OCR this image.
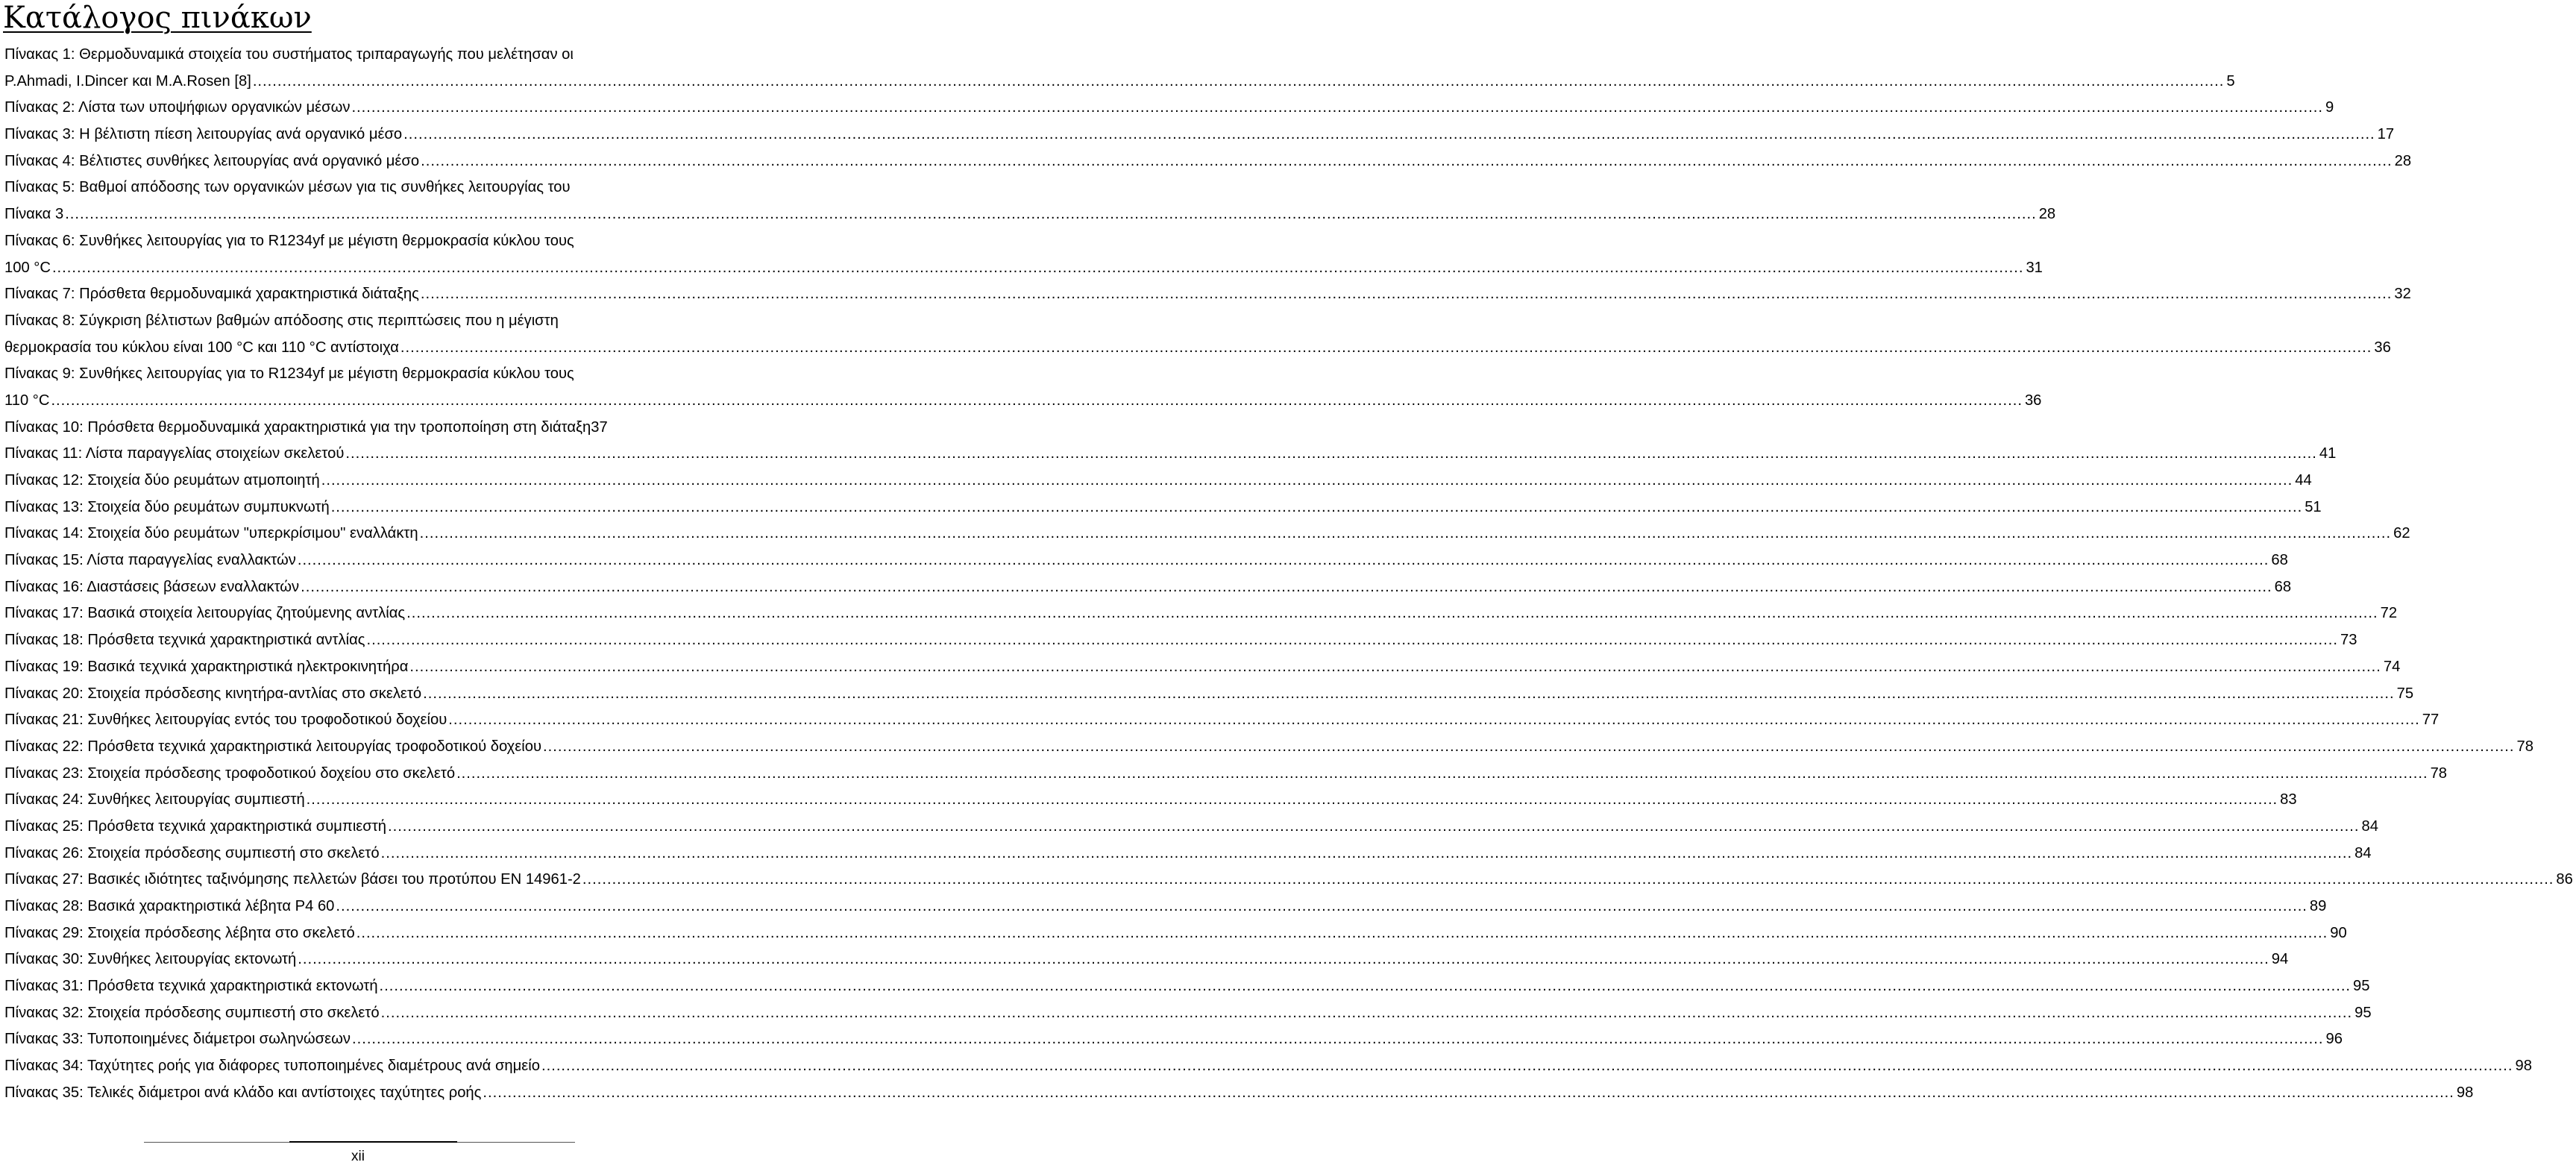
Κατάλογος πινάκων
Πίνακας 1: Θερμοδυναμικά στοιχεία του συστήματος τριπαραγωγής που μελέτησαν οι
P.Ahmadi, I.Dincer και M.A.Rosen [8] ................................................................................................................................................................................................................................................................................................................................................................................................................ 5
Πίνακας 2: Λίστα των υποψήφιων οργανικών μέσων ................................................................................................................................................................................................................................................................................................................................................................................................................ 9
Πίνακας 3: Η βέλτιστη πίεση λειτουργίας ανά οργανικό μέσο ................................................................................................................................................................................................................................................................................................................................................................................................................ 17
Πίνακας 4: Βέλτιστες συνθήκες λειτουργίας ανά οργανικό μέσο ................................................................................................................................................................................................................................................................................................................................................................................................................ 28
Πίνακας 5: Βαθμοί απόδοσης των οργανικών μέσων για τις συνθήκες λειτουργίας του
Πίνακα 3 ................................................................................................................................................................................................................................................................................................................................................................................................................ 28
Πίνακας 6: Συνθήκες λειτουργίας για το R1234yf με μέγιστη θερμοκρασία κύκλου τους
100 °C ................................................................................................................................................................................................................................................................................................................................................................................................................ 31
Πίνακας 7: Πρόσθετα θερμοδυναμικά χαρακτηριστικά διάταξης ................................................................................................................................................................................................................................................................................................................................................................................................................ 32
Πίνακας 8: Σύγκριση βέλτιστων βαθμών απόδοσης στις περιπτώσεις που η μέγιστη
θερμοκρασία του κύκλου είναι 100 °C και 110 °C αντίστοιχα ................................................................................................................................................................................................................................................................................................................................................................................................................ 36
Πίνακας 9: Συνθήκες λειτουργίας για το R1234yf με μέγιστη θερμοκρασία κύκλου τους
110 °C ................................................................................................................................................................................................................................................................................................................................................................................................................ 36
Πίνακας 10: Πρόσθετα θερμοδυναμικά χαρακτηριστικά για την τροποποίηση στη διάταξη 37
Πίνακας 11: Λίστα παραγγελίας στοιχείων σκελετού ................................................................................................................................................................................................................................................................................................................................................................................................................ 41
Πίνακας 12: Στοιχεία δύο ρευμάτων ατμοποιητή ................................................................................................................................................................................................................................................................................................................................................................................................................ 44
Πίνακας 13: Στοιχεία δύο ρευμάτων συμπυκνωτή ................................................................................................................................................................................................................................................................................................................................................................................................................ 51
Πίνακας 14: Στοιχεία δύο ρευμάτων "υπερκρίσιμου" εναλλάκτη ................................................................................................................................................................................................................................................................................................................................................................................................................ 62
Πίνακας 15: Λίστα παραγγελίας εναλλακτών ................................................................................................................................................................................................................................................................................................................................................................................................................ 68
Πίνακας 16: Διαστάσεις βάσεων εναλλακτών ................................................................................................................................................................................................................................................................................................................................................................................................................ 68
Πίνακας 17: Βασικά στοιχεία λειτουργίας ζητούμενης αντλίας ................................................................................................................................................................................................................................................................................................................................................................................................................ 72
Πίνακας 18: Πρόσθετα τεχνικά χαρακτηριστικά αντλίας ................................................................................................................................................................................................................................................................................................................................................................................................................ 73
Πίνακας 19: Βασικά τεχνικά χαρακτηριστικά ηλεκτροκινητήρα ................................................................................................................................................................................................................................................................................................................................................................................................................ 74
Πίνακας 20: Στοιχεία πρόσδεσης κινητήρα-αντλίας στο σκελετό ................................................................................................................................................................................................................................................................................................................................................................................................................ 75
Πίνακας 21: Συνθήκες λειτουργίας εντός του τροφοδοτικού δοχείου ................................................................................................................................................................................................................................................................................................................................................................................................................ 77
Πίνακας 22: Πρόσθετα τεχνικά χαρακτηριστικά λειτουργίας τροφοδοτικού δοχείου ................................................................................................................................................................................................................................................................................................................................................................................................................ 78
Πίνακας 23: Στοιχεία πρόσδεσης τροφοδοτικού δοχείου στο σκελετό ................................................................................................................................................................................................................................................................................................................................................................................................................ 78
Πίνακας 24: Συνθήκες λειτουργίας συμπιεστή ................................................................................................................................................................................................................................................................................................................................................................................................................ 83
Πίνακας 25: Πρόσθετα τεχνικά χαρακτηριστικά συμπιεστή ................................................................................................................................................................................................................................................................................................................................................................................................................ 84
Πίνακας 26: Στοιχεία πρόσδεσης συμπιεστή στο σκελετό ................................................................................................................................................................................................................................................................................................................................................................................................................ 84
Πίνακας 27: Βασικές ιδιότητες ταξινόμησης πελλετών βάσει του προτύπου EN 14961-2 ................................................................................................................................................................................................................................................................................................................................................................................................................ 86
Πίνακας 28: Βασικά χαρακτηριστικά λέβητα P4 60 ................................................................................................................................................................................................................................................................................................................................................................................................................ 89
Πίνακας 29: Στοιχεία πρόσδεσης λέβητα στο σκελετό ................................................................................................................................................................................................................................................................................................................................................................................................................ 90
Πίνακας 30: Συνθήκες λειτουργίας εκτονωτή ................................................................................................................................................................................................................................................................................................................................................................................................................ 94
Πίνακας 31: Πρόσθετα τεχνικά χαρακτηριστικά εκτονωτή ................................................................................................................................................................................................................................................................................................................................................................................................................ 95
Πίνακας 32: Στοιχεία πρόσδεσης συμπιεστή στο σκελετό ................................................................................................................................................................................................................................................................................................................................................................................................................ 95
Πίνακας 33: Τυποποιημένες διάμετροι σωληνώσεων ................................................................................................................................................................................................................................................................................................................................................................................................................ 96
Πίνακας 34: Ταχύτητες ροής για διάφορες τυποποιημένες διαμέτρους ανά σημείο ................................................................................................................................................................................................................................................................................................................................................................................................................ 98
Πίνακας 35: Τελικές διάμετροι ανά κλάδο και αντίστοιχες ταχύτητες ροής ................................................................................................................................................................................................................................................................................................................................................................................................................ 98
xii
